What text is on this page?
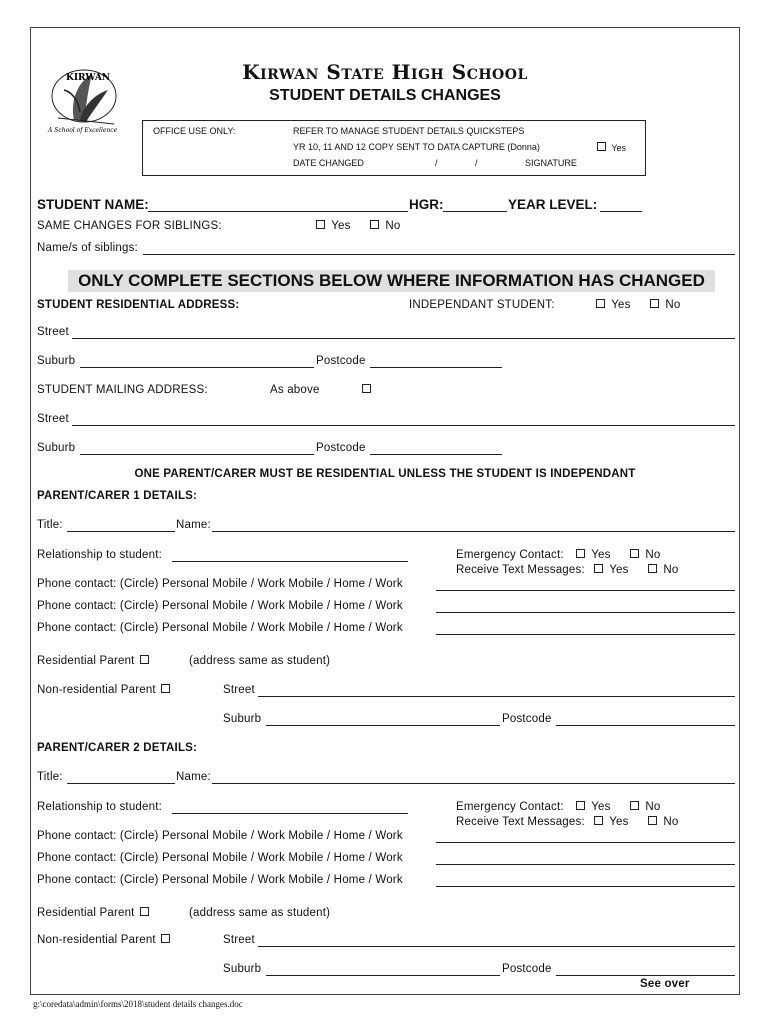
KIRWAN
A School of Excellence
Kirwan State High School
STUDENT DETAILS CHANGES
OFFICE USE ONLY:	REFER TO MANAGE STUDENT DETAILS QUICKSTEPS
YR 10, 11 AND 12 COPY SENT TO DATA CAPTURE (Donna)	Yes
DATE CHANGED	/	/	SIGNATURE
STUDENT NAME:	HGR:	YEAR LEVEL:
SAME CHANGES FOR SIBLINGS:	Yes	No
Name/s of siblings:
ONLY COMPLETE SECTIONS BELOW WHERE INFORMATION HAS CHANGED
STUDENT RESIDENTIAL ADDRESS:	INDEPENDANT STUDENT:	Yes	No
Street
Suburb	Postcode
STUDENT MAILING ADDRESS:	As above
Street
Suburb	Postcode
ONE PARENT/CARER MUST BE RESIDENTIAL UNLESS THE STUDENT IS INDEPENDANT
PARENT/CARER 1 DETAILS:
Title:	Name:
Relationship to student:	Emergency Contact:	Yes	No
Receive Text Messages:	Yes	No
Phone contact: (Circle) Personal Mobile / Work Mobile / Home / Work
Phone contact: (Circle) Personal Mobile / Work Mobile / Home / Work
Phone contact: (Circle) Personal Mobile / Work Mobile / Home / Work
Residential Parent	(address same as student)
Non-residential Parent	Street
Suburb	Postcode
PARENT/CARER 2 DETAILS:
Title:	Name:
Relationship to student:	Emergency Contact:	Yes	No
Receive Text Messages:	Yes	No
Phone contact: (Circle) Personal Mobile / Work Mobile / Home / Work
Phone contact: (Circle) Personal Mobile / Work Mobile / Home / Work
Phone contact: (Circle) Personal Mobile / Work Mobile / Home / Work
Residential Parent	(address same as student)
Non-residential Parent	Street
Suburb	Postcode
See over
g:\coredata\admin\forms\2018\student details changes.doc
